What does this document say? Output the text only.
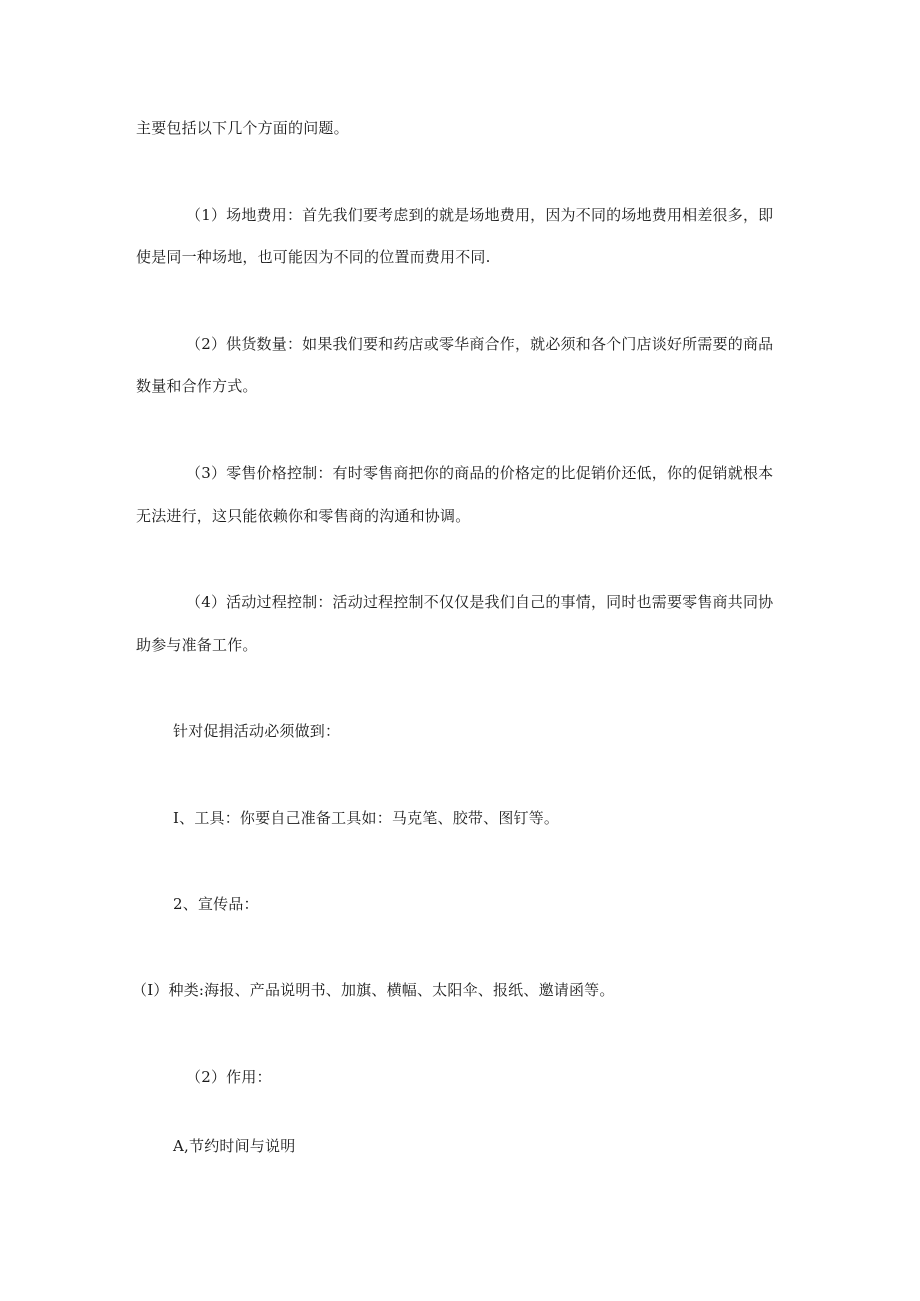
主要包括以下几个方面的问题。
（1）场地费用：首先我们要考虑到的就是场地费用，因为不同的场地费用相差很多，即
使是同一种场地，也可能因为不同的位置而费用不同.
（2）供货数量：如果我们要和药店或零华商合作，就必须和各个门店谈好所需要的商品
数量和合作方式。
（3）零售价格控制：有时零售商把你的商品的价格定的比促销价还低，你的促销就根本
无法进行，这只能依赖你和零售商的沟通和协调。
（4）活动过程控制：活动过程控制不仅仅是我们自己的事情，同时也需要零售商共同协
助参与准备工作。
针对促捐活动必须做到：
I、工具：你要自己准备工具如：马克笔、胶带、图钉等。
2、宣传品：
（I）种类:海报、产品说明书、加旗、横幅、太阳伞、报纸、邀请函等。
（2）作用：
A,节约时间与说明
